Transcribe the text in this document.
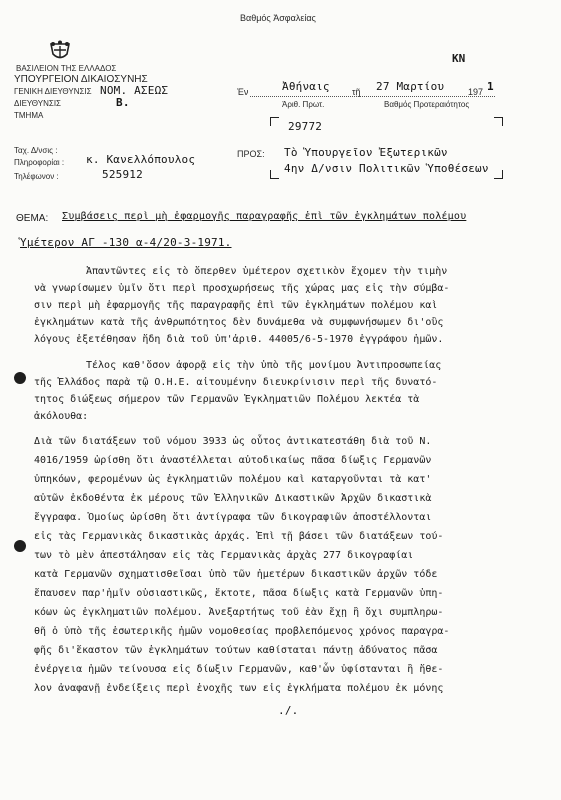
Βαθμός Ἀσφαλείας
ΚΝ
ΒΑΣΙΛΕΙΟΝ ΤΗΣ ΕΛΛΑΔΟΣ
ΥΠΟΥΡΓΕΙΟΝ ΔΙΚΑΙΟΣΥΝΗΣ
ΓΕΝΙΚΗ ΔΙΕΥΘΥΝΣΙΣ ΝΟΜ. ΑΣΕΩΣ
ΔΙΕΥΘΥΝΣΙΣ	Β.
ΤΜΗΜΑ
Ἐν	Ἀθήναις τῇ 27 Μαρτίου	197 1
Ἀριθ. Πρωτ.	Βαθμός Προτεραιότητος
29772
Ταχ. Δ/νσις :
Πληροφορίαι : κ. Κανελλόπουλος
Τηλέφωνον :	525912
ΠΡΟΣ: Τὸ Ὑπουργεῖον Ἐξωτερικῶν
4ην Δ/νσιν Πολιτικῶν Ὑποθέσεων
ΘΕΜΑ: Συμβάσεις περὶ μὴ ἐφαρμογῆς παραγραφῆς ἐπὶ τῶν ἐγκλημάτων πολέμου
Ὑμέτερον ΑΓ -130 α-4/20-3-1971.
Ἀπαντῶντες εἰς τὸ ὅπερθεν ὑμέτερον σχετικὸν ἔχομεν τὴν τιμὴν
νὰ γνωρίσωμεν ὑμῖν ὅτι περὶ προσχωρήσεως τῆς χώρας μας εἰς τὴν σύμβα-
σιν περὶ μὴ ἐφαρμογῆς τῆς παραγραφῆς ἐπὶ τῶν ἐγκλημάτων πολέμου καὶ
ἐγκλημάτων κατὰ τῆς ἀνθρωπότητος δὲν δυνάμεθα νὰ συμφωνήσωμεν δι'οὓς
λόγους ἐξετέθησαν ἤδη διὰ τοῦ ὑπ'ἀριθ. 44005/6-5-1970 ἐγγράφου ἡμῶν.
Τέλος καθ'ὅσον ἀφορᾷ εἰς τὴν ὑπὸ τῆς μονίμου Ἀντιπροσωπείας
τῆς Ἑλλάδος παρὰ τῷ Ο.Η.Ε. αἰτουμένην διευκρίνισιν περὶ τῆς δυνατό-
τητος διώξεως σήμερον τῶν Γερμανῶν Ἐγκληματιῶν Πολέμου λεκτέα τὰ
ἀκόλουθα:
Διὰ τῶν διατάξεων τοῦ νόμου 3933 ὡς οὗτος ἀντικατεστάθη διὰ τοῦ Ν.
4016/1959 ὡρίσθη ὅτι ἀναστέλλεται αὐτοδικαίως πᾶσα δίωξις Γερμανῶν
ὑπηκόων, φερομένων ὡς ἐγκληματιῶν πολέμου καὶ καταργοῦνται τὰ κατ'
αὐτῶν ἐκδοθέντα ἐκ μέρους τῶν Ἑλληνικῶν Δικαστικῶν Ἀρχῶν δικαστικὰ
ἔγγραφα. Ὁμοίως ὡρίσθη ὅτι ἀντίγραφα τῶν δικογραφιῶν ἀποστέλλονται
εἰς τὰς Γερμανικὰς δικαστικὰς ἀρχάς. Ἐπὶ τῇ βάσει τῶν διατάξεων τού-
των τὸ μὲν ἀπεστάλησαν εἰς τὰς Γερμανικὰς ἀρχὰς 277 δικογραφίαι
κατὰ Γερμανῶν σχηματισθεῖσαι ὑπὸ τῶν ἡμετέρων δικαστικῶν ἀρχῶν τόδε
ἔπαυσεν παρ'ἡμῖν οὐσιαστικῶς, ἔκτοτε, πᾶσα δίωξις κατὰ Γερμανῶν ὑπη-
κόων ὡς ἐγκληματιῶν πολέμου. Ἀνεξαρτήτως τοῦ ἐὰν ἔχῃ ἢ ὄχι συμπληρω-
θῆ ὁ ὑπὸ τῆς ἐσωτερικῆς ἡμῶν νομοθεσίας προβλεπόμενος χρόνος παραγρα-
φῆς δι'ἕκαστον τῶν ἐγκλημάτων τούτων καθίσταται πάντῃ ἀδύνατος πᾶσα
ἐνέργεια ἡμῶν τείνουσα εἰς δίωξιν Γερμανῶν, καθ'ὧν ὑφίστανται ἢ ἤθε-
λον ἀναφανῇ ἐνδείξεις περὶ ἐνοχῆς των εἰς ἐγκλήματα πολέμου ἐκ μόνης
./.
